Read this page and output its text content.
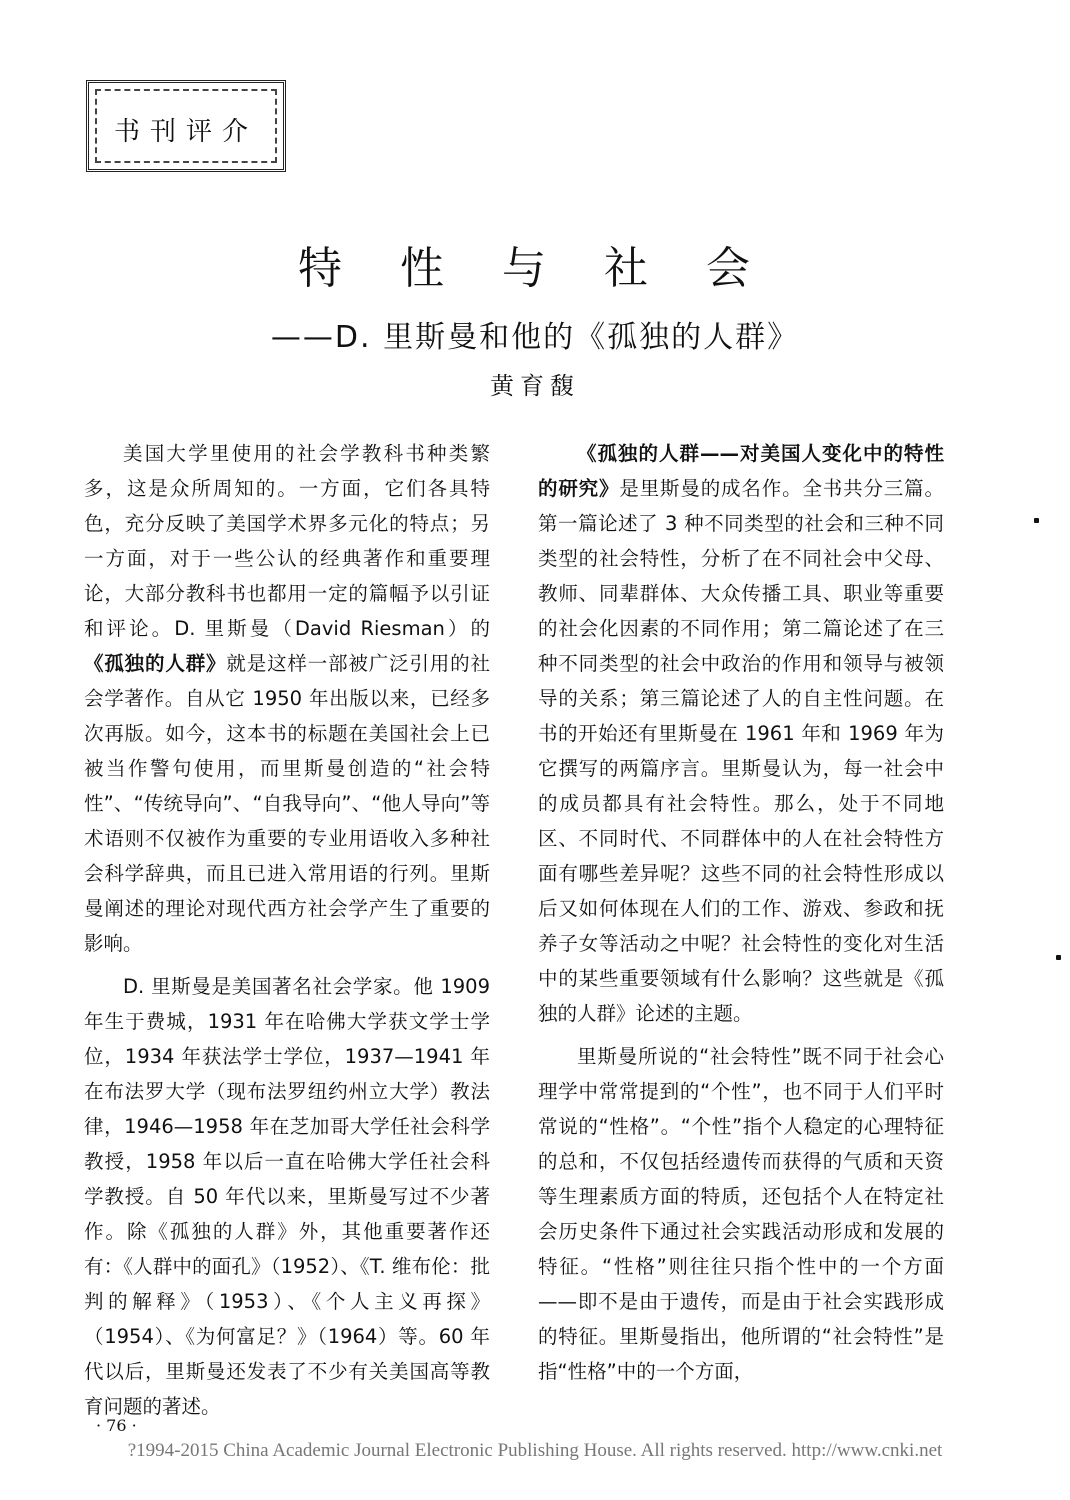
书刊评介
特 性 与 社 会
——D. 里斯曼和他的《孤独的人群》
黄育馥

美国大学里使用的社会学教科书种类繁多，这是众所周知的。一方面，它们各具特色，充分反映了美国学术界多元化的特点；另一方面，对于一些公认的经典著作和重要理论，大部分教科书也都用一定的篇幅予以引证和评论。D. 里斯曼（David Riesman）的《孤独的人群》就是这样一部被广泛引用的社会学著作。自从它 1950 年出版以来，已经多次再版。如今，这本书的标题在美国社会上已被当作警句使用，而里斯曼创造的“社会特性”、“传统导向”、“自我导向”、“他人导向”等术语则不仅被作为重要的专业用语收入多种社会科学辞典，而且已进入常用语的行列。里斯曼阐述的理论对现代西方社会学产生了重要的影响。

D. 里斯曼是美国著名社会学家。他 1909 年生于费城，1931 年在哈佛大学获文学士学位，1934 年获法学士学位，1937—1941 年在布法罗大学（现布法罗纽约州立大学）教法律，1946—1958 年在芝加哥大学任社会科学教授，1958 年以后一直在哈佛大学任社会科学教授。自 50 年代以来，里斯曼写过不少著作。除《孤独的人群》外，其他重要著作还有：《人群中的面孔》（1952）、《T. 维布伦：批判的解释》（1953）、《个人主义再探》（1954）、《为何富足？》（1964）等。60 年代以后，里斯曼还发表了不少有关美国高等教育问题的著述。

《孤独的人群——对美国人变化中的特性的研究》是里斯曼的成名作。全书共分三篇。第一篇论述了 3 种不同类型的社会和三种不同类型的社会特性，分析了在不同社会中父母、教师、同辈群体、大众传播工具、职业等重要的社会化因素的不同作用；第二篇论述了在三种不同类型的社会中政治的作用和领导与被领导的关系；第三篇论述了人的自主性问题。在书的开始还有里斯曼在 1961 年和 1969 年为它撰写的两篇序言。里斯曼认为，每一社会中的成员都具有社会特性。那么，处于不同地区、不同时代、不同群体中的人在社会特性方面有哪些差异呢？这些不同的社会特性形成以后又如何体现在人们的工作、游戏、参政和抚养子女等活动之中呢？社会特性的变化对生活中的某些重要领域有什么影响？这些就是《孤独的人群》论述的主题。

里斯曼所说的“社会特性”既不同于社会心理学中常常提到的“个性”，也不同于人们平时常说的“性格”。“个性”指个人稳定的心理特征的总和，不仅包括经遗传而获得的气质和天资等生理素质方面的特质，还包括个人在特定社会历史条件下通过社会实践活动形成和发展的特征。“性格”则往往只指个性中的一个方面——即不是由于遗传，而是由于社会实践形成的特征。里斯曼指出，他所谓的“社会特性”是指“性格”中的一个方面，

· 76 ·
?1994-2015 China Academic Journal Electronic Publishing House. All rights reserved. http://www.cnki.net
